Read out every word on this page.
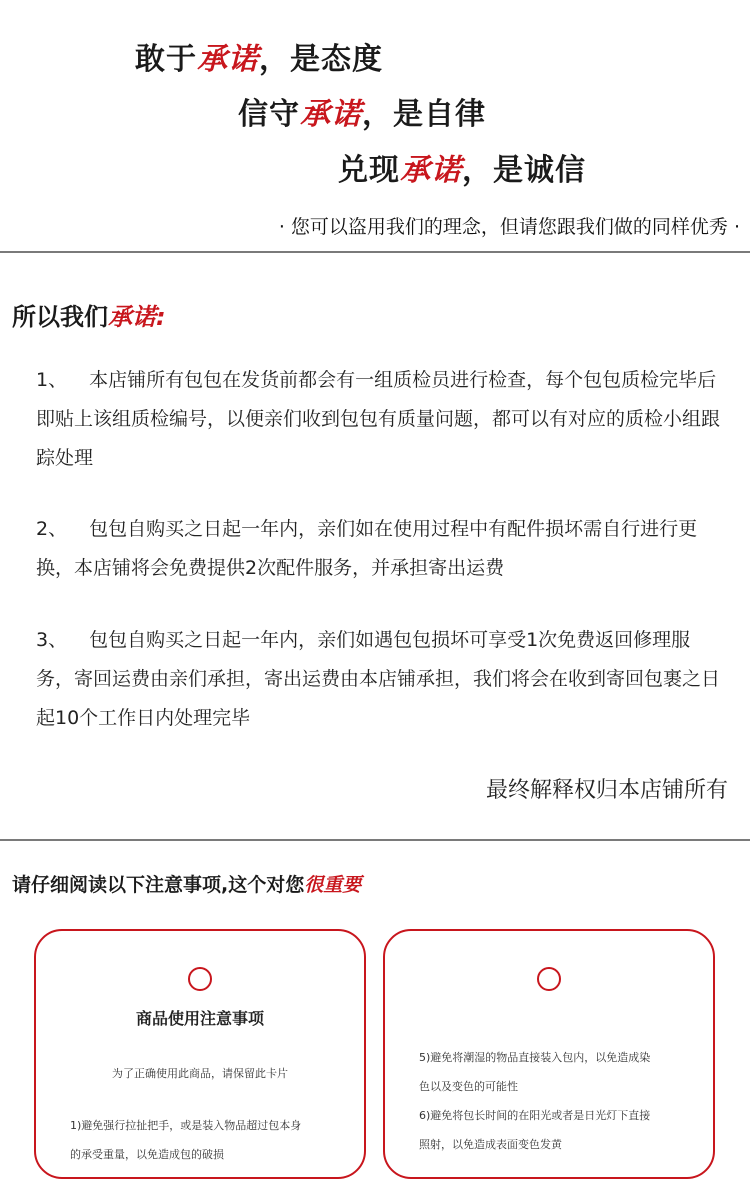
敢于承诺，是态度
信守承诺，是自律
兑现承诺，是诚信
· 您可以盗用我们的理念，但请您跟我们做的同样优秀 ·
所以我们承诺:
1、 本店铺所有包包在发货前都会有一组质检员进行检查，每个包包质检完毕后即贴上该组质检编号，以便亲们收到包包有质量问题，都可以有对应的质检小组跟踪处理
2、 包包自购买之日起一年内，亲们如在使用过程中有配件损坏需自行进行更换，本店铺将会免费提供2次配件服务，并承担寄出运费
3、 包包自购买之日起一年内，亲们如遇包包损坏可享受1次免费返回修理服务，寄回运费由亲们承担，寄出运费由本店铺承担，我们将会在收到寄回包裹之日起10个工作日内处理完毕
最终解释权归本店铺所有
请仔细阅读以下注意事项,这个对您很重要
商品使用注意事项
为了正确使用此商品，请保留此卡片
1)避免强行拉扯把手，或是装入物品超过包本身
的承受重量，以免造成包的破损
5)避免将潮湿的物品直接装入包内，以免造成染
色以及变色的可能性
6)避免将包长时间的在阳光或者是日光灯下直接
照射，以免造成表面变色发黄
